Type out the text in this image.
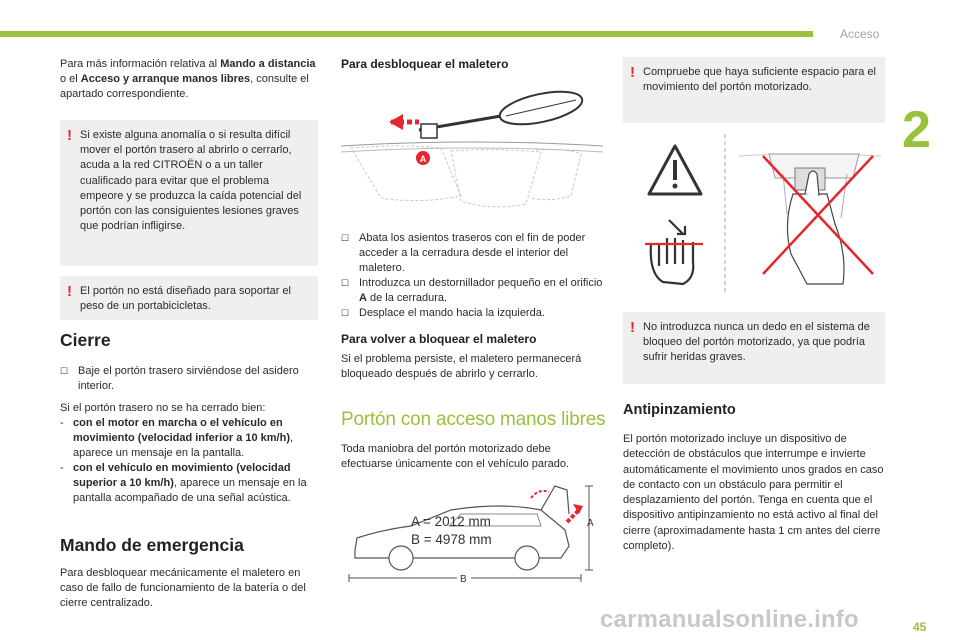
Acceso
2

Para más información relativa al Mando a distancia o el Acceso y arranque manos libres, consulte el apartado correspondiente.

! Si existe alguna anomalía o si resulta difícil mover el portón trasero al abrirlo o cerrarlo, acuda a la red CITROËN o a un taller cualificado para evitar que el problema empeore y se produzca la caída potencial del portón con las consiguientes lesiones graves que podrían infligirse.

! El portón no está diseñado para soportar el peso de un portabicicletas.

Cierre
☐ Baje el portón trasero sirviéndose del asidero interior.

Si el portón trasero no se ha cerrado bien:

- con el motor en marcha o el vehículo en movimiento (velocidad inferior a 10 km/h), aparece un mensaje en la pantalla.
- con el vehículo en movimiento (velocidad superior a 10 km/h), aparece un mensaje en la pantalla acompañado de una señal acústica.
Mando de emergencia

Para desbloquear mecánicamente el maletero en caso de fallo de funcionamiento de la batería o del cierre centralizado.

Para desbloquear el maletero
A
☐ Abata los asientos traseros con el fin de poder acceder a la cerradura desde el interior del maletero.
☐ Introduzca un destornillador pequeño en el orificio A de la cerradura.
☐ Desplace el mando hacia la izquierda.
Para volver a bloquear el maletero

Si el problema persiste, el maletero permanecerá bloqueado después de abrirlo y cerrarlo.

Portón con acceso manos libres

Toda maniobra del portón motorizado debe efectuarse únicamente con el vehículo parado.

A
B
A = 2012 mm
B = 4978 mm
! Compruebe que haya suficiente espacio para el movimiento del portón motorizado.

! No introduzca nunca un dedo en el sistema de bloqueo del portón motorizado, ya que podría sufrir heridas graves.

Antipinzamiento

El portón motorizado incluye un dispositivo de detección de obstáculos que interrumpe e invierte automáticamente el movimiento unos grados en caso de contacto con un obstáculo para permitir el desplazamiento del portón. Tenga en cuenta que el dispositivo antipinzamiento no está activo al final del cierre (aproximadamente hasta 1 cm antes del cierre completo).

carmanualsonline.info	45
